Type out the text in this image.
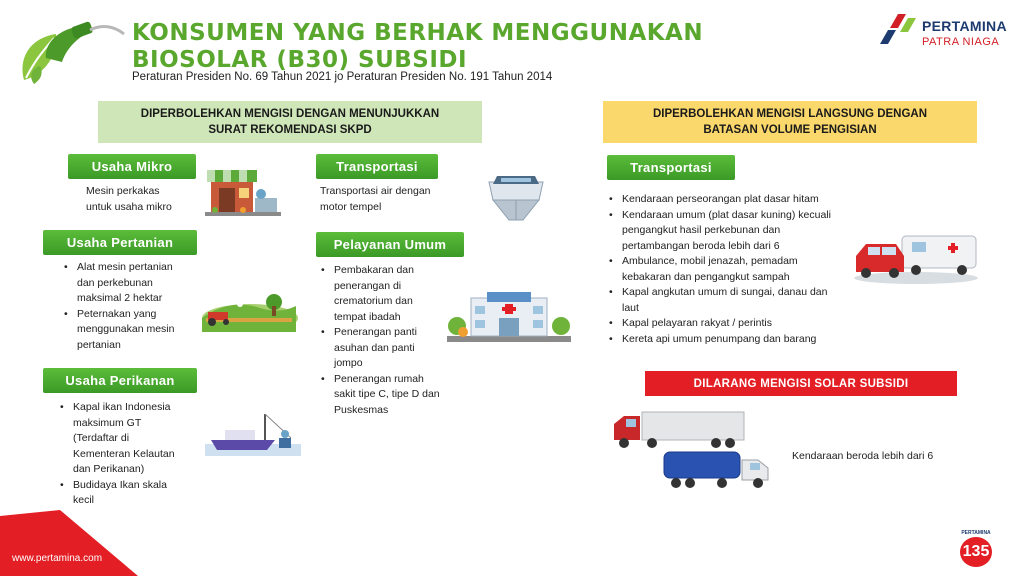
KONSUMEN YANG BERHAK MENGGUNAKAN
BIOSOLAR (B30) SUBSIDI
Peraturan Presiden No. 69 Tahun 2021 jo Peraturan Presiden No. 191 Tahun 2014
PERTAMINA
PATRA NIAGA
DIPERBOLEHKAN MENGISI DENGAN MENUNJUKKAN
SURAT REKOMENDASI SKPD
Usaha Mikro
Mesin perkakas
untuk usaha mikro
Usaha Pertanian
• Alat mesin pertanian
dan perkebunan
maksimal 2 hektar
• Peternakan yang
menggunakan mesin
pertanian
Usaha Perikanan
• Kapal ikan Indonesia
maksimum GT
(Terdaftar di
Kementeran Kelautan
dan Perikanan)
• Budidaya Ikan skala
kecil
Transportasi
Transportasi air dengan
motor tempel
Pelayanan Umum
• Pembakaran dan
penerangan di
crematorium dan
tempat ibadah
• Penerangan panti
asuhan dan panti
jompo
• Penerangan rumah
sakit tipe C, tipe D dan
Puskesmas
DIPERBOLEHKAN MENGISI LANGSUNG DENGAN
BATASAN VOLUME PENGISIAN
Transportasi
• Kendaraan perseorangan plat dasar hitam
• Kendaraan umum (plat dasar kuning) kecuali
pengangkut hasil perkebunan dan
pertambangan beroda lebih dari 6
• Ambulance, mobil jenazah, pemadam
kebakaran dan pengangkut sampah
• Kapal angkutan umum di sungai, danau dan
laut
• Kapal pelayaran rakyat / perintis
• Kereta api umum penumpang dan barang
DILARANG MENGISI SOLAR SUBSIDI
Kendaraan beroda lebih dari 6
www.pertamina.com
PERTAMINA
135
